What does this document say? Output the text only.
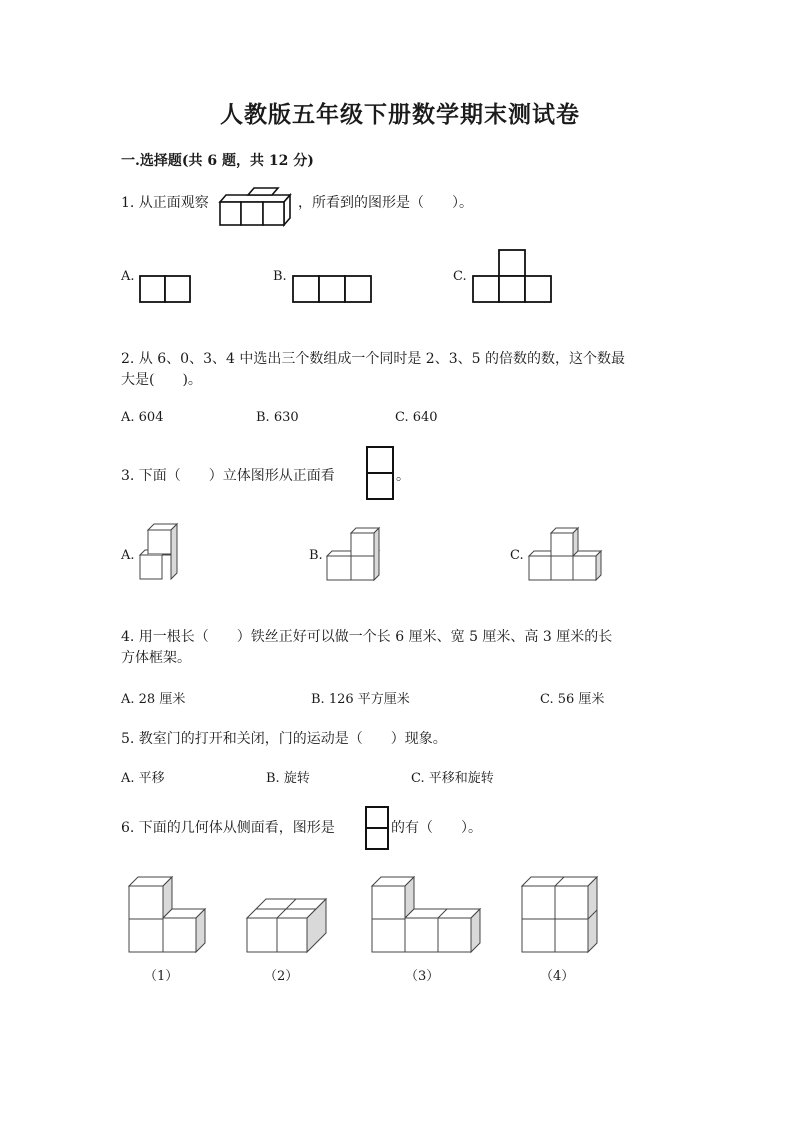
人教版五年级下册数学期末测试卷
一.选择题(共 6 题，共 12 分)
1. 从正面观察	，所看到的图形是（　　）。
A.	B.	C.
2. 从 6、0、3、4 中选出三个数组成一个同时是 2、3、5 的倍数的数，这个数最
大是(　　)。
A. 604	B. 630	C. 640
3. 下面（　　）立体图形从正面看	。
A.	B.	C.
4. 用一根长（　　）铁丝正好可以做一个长 6 厘米、宽 5 厘米、高 3 厘米的长
方体框架。
A. 28 厘米	B. 126 平方厘米	C. 56 厘米
5. 教室门的打开和关闭，门的运动是（　　）现象。
A. 平移	B. 旋转	C. 平移和旋转
6. 下面的几何体从侧面看，图形是	的有（　　）。
（1）	（2）	（3）	（4）
